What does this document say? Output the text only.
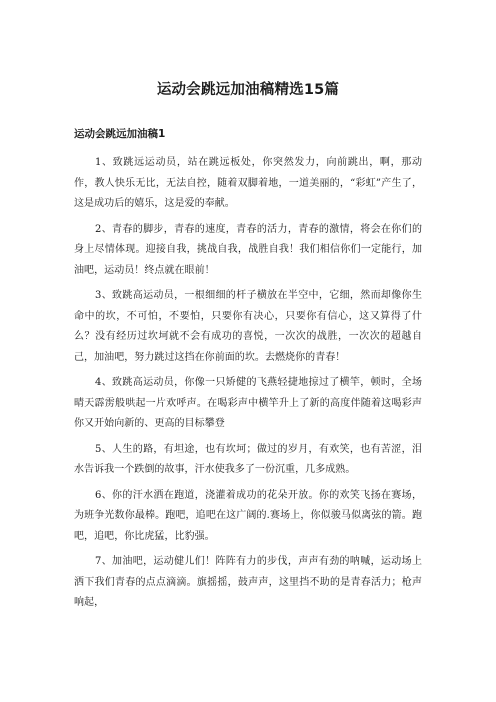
运动会跳远加油稿精选15篇
运动会跳远加油稿1

1、致跳远运动员，站在跳远板处，你突然发力，向前跳出，啊，那动作，教人快乐无比，无法自控，随着双脚着地，一道美丽的，“彩虹”产生了，这是成功后的嬉乐，这是爱的奉献。

2、青春的脚步，青春的速度，青春的活力，青春的激情，将会在你们的身上尽情体现。迎接自我，挑战自我，战胜自我！我们相信你们一定能行，加油吧，运动员！终点就在眼前！

3、致跳高运动员，一根细细的杆子横放在半空中，它细，然而却像你生命中的坎，不可怕，不要怕，只要你有决心，只要你有信心，这又算得了什么？没有经历过坎坷就不会有成功的喜悦，一次次的战胜，一次次的超越自己，加油吧，努力跳过这挡在你前面的坎。去燃烧你的青春！

4、致跳高运动员，你像一只矫健的飞燕轻捷地掠过了横竿，顿时，全场晴天霹雳般哄起一片欢呼声。在喝彩声中横竿升上了新的高度伴随着这喝彩声你又开始向新的、更高的目标攀登

5、人生的路，有坦途，也有坎坷；做过的岁月，有欢笑，也有苦涩，泪水告诉我一个跌倒的故事，汗水使我多了一份沉重，几多成熟。

6、你的汗水洒在跑道，浇灌着成功的花朵开放。你的欢笑飞扬在赛场，为班争光数你最棒。跑吧，追吧在这广阔的.赛场上，你似骏马似离弦的箭。跑吧，追吧，你比虎猛，比豹强。

7、加油吧，运动健儿们！阵阵有力的步伐，声声有劲的呐喊，运动场上洒下我们青春的点点滴滴。旗摇摇，鼓声声，这里挡不助的是青春活力；枪声响起，
